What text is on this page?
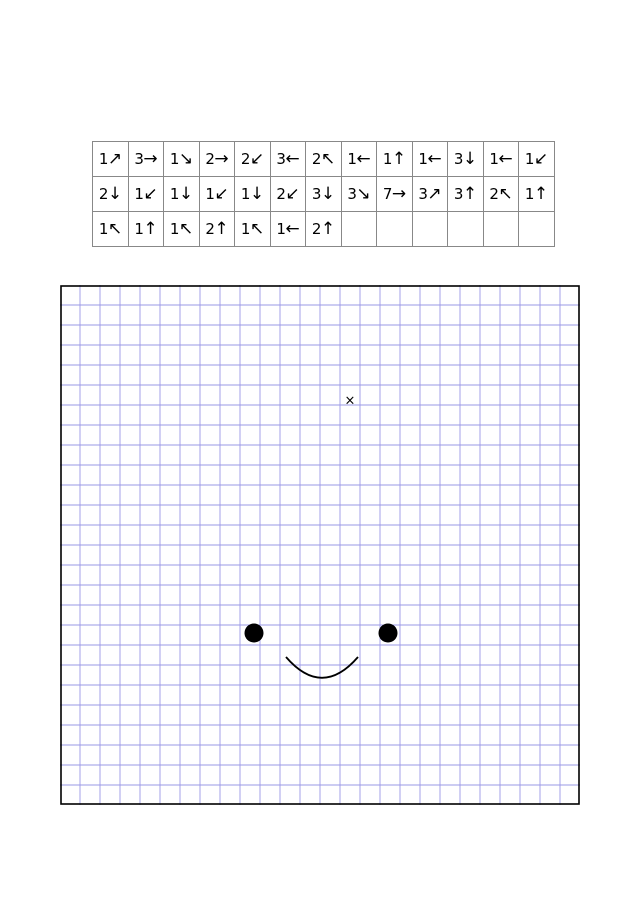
1↗	3→	1↘	2→	2↙	3←	2↖	1←	1↑	1←	3↓	1←	1↙
2↓	1↙	1↓	1↙	1↓	2↙	3↓	3↘	7→	3↗	3↑	2↖	1↑
1↖	1↑	1↖	2↑	1↖	1←	2↑						
×
